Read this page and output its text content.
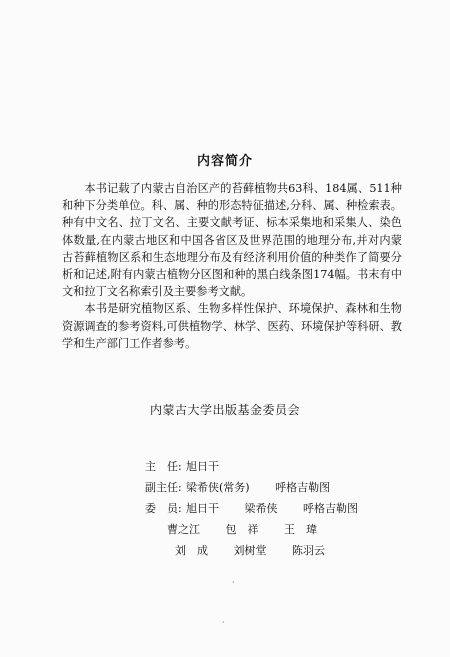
内容简介

本书记载了内蒙古自治区产的苔藓植物共63科、184属、511种和种下分类单位。科、属、种的形态特征描述,分科、属、种检索表。种有中文名、拉丁文名、主要文献考证、标本采集地和采集人、染色体数量,在内蒙古地区和中国各省区及世界范围的地理分布,并对内蒙古苔藓植物区系和生态地理分布及有经济利用价值的种类作了简要分析和记述,附有内蒙古植物分区图和种的黑白线条图174幅。书末有中文和拉丁文名称索引及主要参考文献。

本书是研究植物区系、生物多样性保护、环境保护、森林和生物资源调查的参考资料,可供植物学、林学、医药、环境保护等科研、教学和生产部门工作者参考。

内蒙古大学出版基金委员会
主　任 : 旭日干
副主任 : 梁希侠(常务) 呼格吉勒图
委　员 : 旭日干 梁希侠 呼格吉勒图
曹之江 包　祥 王　瑋
刘　成 刘树堂 陈羽云
·
·
